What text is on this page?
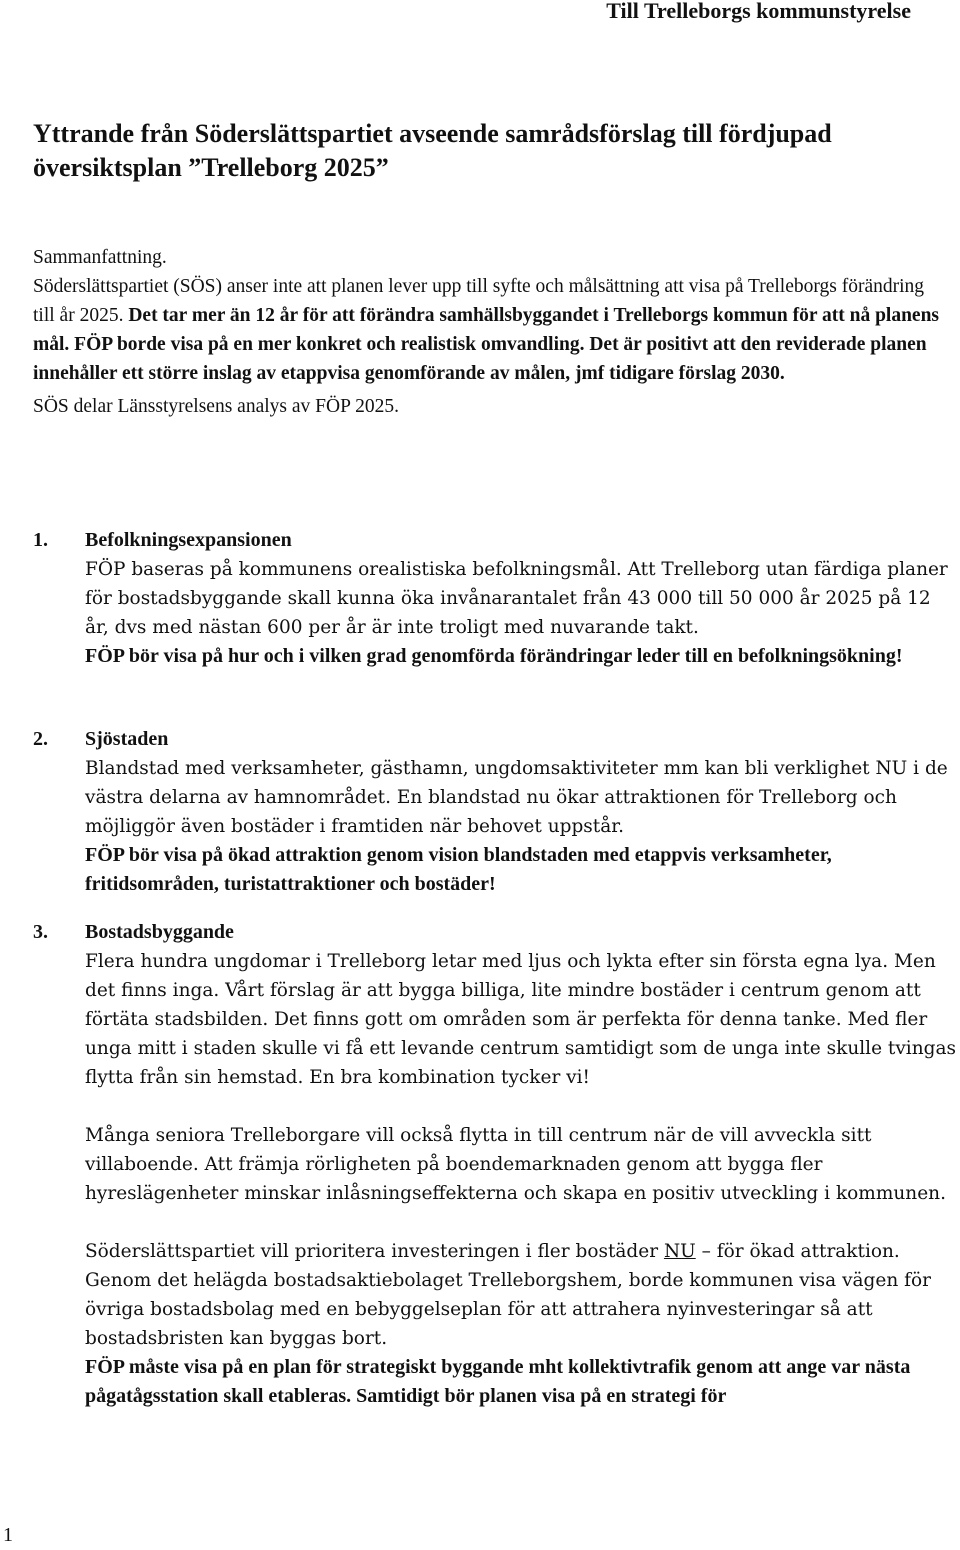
Till Trelleborgs kommunstyrelse
Yttrande från Söderslättspartiet avseende samrådsförslag till fördjupad
översiktsplan ”Trelleborg 2025”
Sammanfattning.
Söderslättspartiet (SÖS) anser inte att planen lever upp till syfte och målsättning att visa på Trelleborgs förändring till år 2025. Det tar mer än 12 år för att förändra samhällsbyggandet i Trelleborgs kommun för att nå planens mål. FÖP borde visa på en mer konkret och realistisk omvandling. Det är positivt att den reviderade planen innehåller ett större inslag av etappvisa genomförande av målen, jmf tidigare förslag 2030.
SÖS delar Länsstyrelsens analys av FÖP 2025.
1. Befolkningsexpansionen

FÖP baseras på kommunens orealistiska befolkningsmål. Att Trelleborg utan färdiga planer för bostadsbyggande skall kunna öka invånarantalet från 43 000 till 50 000 år 2025 på 12 år, dvs med nästan 600 per år är inte troligt med nuvarande takt.

FÖP bör visa på hur och i vilken grad genomförda förändringar leder till en befolkningsökning!

2. Sjöstaden

Blandstad med verksamheter, gästhamn, ungdomsaktiviteter mm kan bli verklighet NU i de västra delarna av hamnområdet. En blandstad nu ökar attraktionen för Trelleborg och möjliggör även bostäder i framtiden när behovet uppstår.

FÖP bör visa på ökad attraktion genom vision blandstaden med etappvis verksamheter, fritidsområden, turistattraktioner och bostäder!

3. Bostadsbyggande

Flera hundra ungdomar i Trelleborg letar med ljus och lykta efter sin första egna lya. Men det finns inga. Vårt förslag är att bygga billiga, lite mindre bostäder i centrum genom att förtäta stadsbilden. Det finns gott om områden som är perfekta för denna tanke. Med fler unga mitt i staden skulle vi få ett levande centrum samtidigt som de unga inte skulle tvingas flytta från sin hemstad. En bra kombination tycker vi!

Många seniora Trelleborgare vill också flytta in till centrum när de vill avveckla sitt villaboende. Att främja rörligheten på boendemarknaden genom att bygga fler hyreslägenheter minskar inlåsningseffekterna och skapa en positiv utveckling i kommunen.

Söderslättspartiet vill prioritera investeringen i fler bostäder NU – för ökad attraktion. Genom det helägda bostadsaktiebolaget Trelleborgshem, borde kommunen visa vägen för övriga bostadsbolag med en bebyggelseplan för att attrahera nyinvesteringar så att bostadsbristen kan byggas bort.

FÖP måste visa på en plan för strategiskt byggande mht kollektivtrafik genom att ange var nästa pågatågsstation skall etableras. Samtidigt bör planen visa på en strategi för

1
